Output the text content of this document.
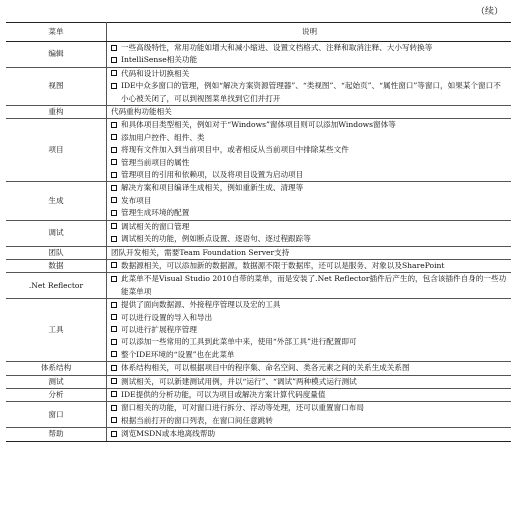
（续）
菜单	说明
编辑	一些高级特性，常用功能如增大和减小缩进、设置文档格式、注释和取消注释、大小写转换等
IntelliSense相关功能

视图	代码和设计切换相关
IDE中众多窗口的管理，例如“解决方案资源管理器”、“类视图”、“起始页”、“属性窗口”等窗口，如果某个窗口不小心被关闭了，可以到视图菜单找到它们并打开

重构	代码重构功能相关

项目	和具体项目类型相关，例如对于“Windows”窗体项目则可以添加Windows窗体等
添加用户控件、组件、类
将现有文件加入到当前项目中，或者相反从当前项目中排除某些文件
管理当前项目的属性
管理项目的引用和依赖项，以及将项目设置为启动项目

生成	解决方案和项目编译生成相关，例如重新生成、清理等
发布项目
管理生成环境的配置

调试	调试相关的窗口管理
调试相关的功能，例如断点设置、逐语句、逐过程跟踪等

团队	团队开发相关，需要Team Foundation Server支持

数据	数据源相关，可以添加新的数据源，数据源不限于数据库，还可以是服务、对象以及SharePoint

.Net Reflector	此菜单不是Visual Studio 2010自带的菜单，而是安装了.Net Reflector插件后产生的，包含该插件自身的一些功能菜单项

工具	提供了面向数据源、外接程序管理以及宏的工具
可以进行设置的导入和导出
可以进行扩展程序管理
可以添加一些常用的工具到此菜单中来，使用“外部工具”进行配置即可
整个IDE环境的“设置”也在此菜单

体系结构	体系结构相关，可以根据项目中的程序集、命名空间、类各元素之间的关系生成关系图

测试	测试相关，可以新建测试用例，并以“运行”、“调试”两种模式运行测试

分析	IDE提供的分析功能，可以为项目或解决方案计算代码度量值

窗口	窗口相关的功能，可对窗口进行拆分、浮动等处理，还可以重置窗口布局
根据当前打开的窗口列表，在窗口间任意跳转

帮助	浏览MSDN或本地离线帮助
